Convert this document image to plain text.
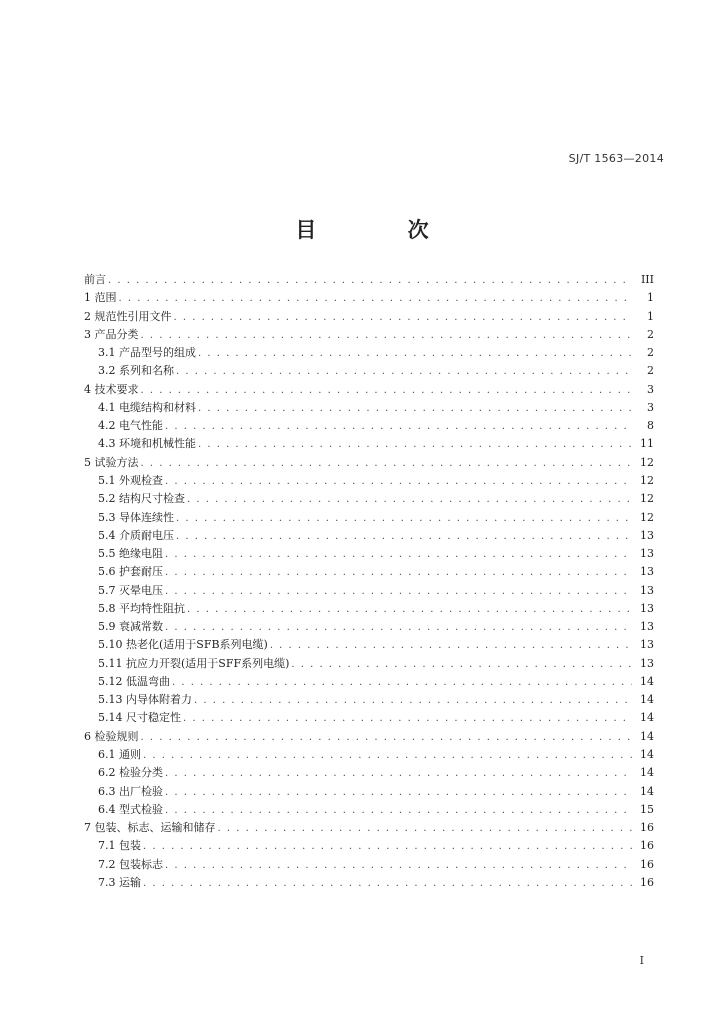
SJ/T 1563—2014
目 次
前言 . . .	III
1 范围 . . .	1
2 规范性引用文件 . . .	1
3 产品分类 . . .	2
3.1 产品型号的组成 . . .	2
3.2 系列和名称 . . .	2
4 技术要求 . . .	3
4.1 电缆结构和材料 . . .	3
4.2 电气性能 . . .	8
4.3 环境和机械性能 . . .	11
5 试验方法 . . .	12
5.1 外观检查 . . .	12
5.2 结构尺寸检查 . . .	12
5.3 导体连续性 . . .	12
5.4 介质耐电压 . . .	13
5.5 绝缘电阻 . . .	13
5.6 护套耐压 . . .	13
5.7 灭晕电压 . . .	13
5.8 平均特性阻抗 . . .	13
5.9 衰减常数 . . .	13
5.10 热老化(适用于SFB系列电缆) . . .	13
5.11 抗应力开裂(适用于SFF系列电缆) . . .	13
5.12 低温弯曲 . . .	14
5.13 内导体附着力 . . .	14
5.14 尺寸稳定性 . . .	14
6 检验规则 . . .	14
6.1 通则 . . .	14
6.2 检验分类 . . .	14
6.3 出厂检验 . . .	14
6.4 型式检验 . . .	15
7 包装、标志、运输和储存 . . .	16
7.1 包装 . . .	16
7.2 包装标志 . . .	16
7.3 运输 . . .	16
I
